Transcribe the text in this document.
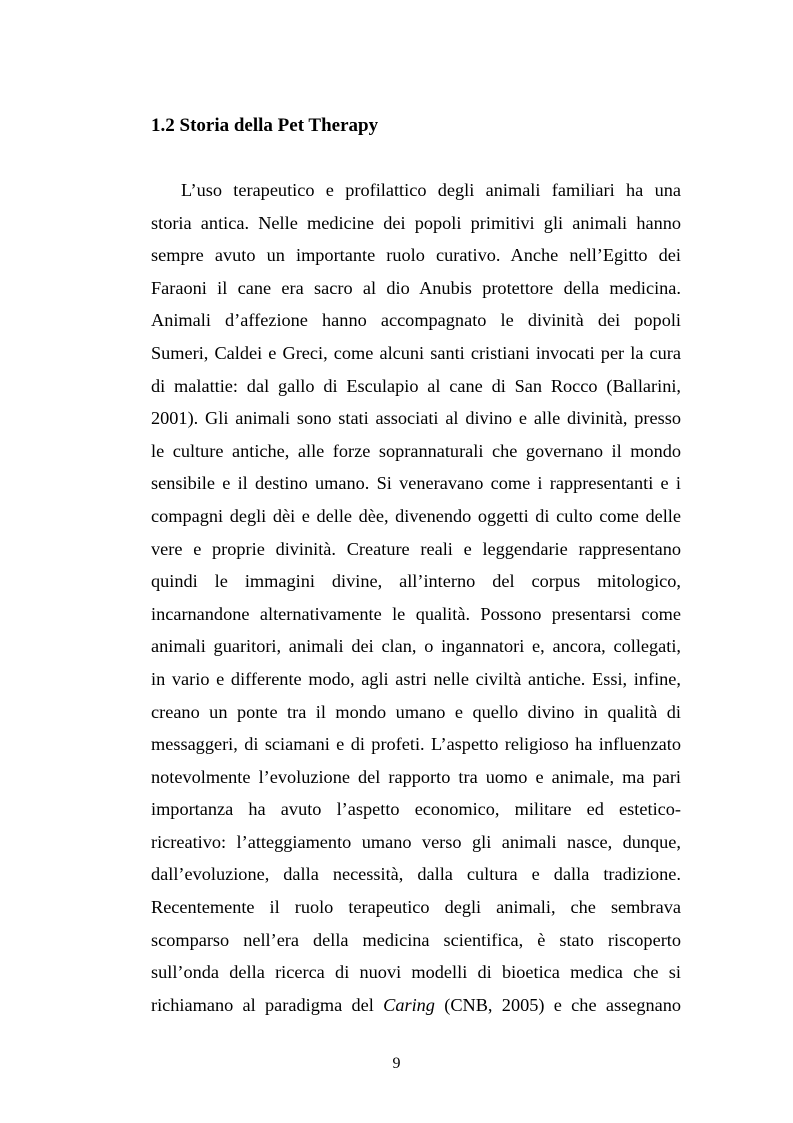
1.2 Storia della Pet Therapy
L’uso terapeutico e profilattico degli animali familiari ha una
storia antica. Nelle medicine dei popoli primitivi gli animali hanno
sempre avuto un importante ruolo curativo. Anche nell’Egitto dei
Faraoni il cane era sacro al dio Anubis protettore della medicina.
Animali d’affezione hanno accompagnato le divinità dei popoli
Sumeri, Caldei e Greci, come alcuni santi cristiani invocati per la cura
di malattie: dal gallo di Esculapio al cane di San Rocco (Ballarini,
2001). Gli animali sono stati associati al divino e alle divinità, presso
le culture antiche, alle forze soprannaturali che governano il mondo
sensibile e il destino umano. Si veneravano come i rappresentanti e i
compagni degli dèi e delle dèe, divenendo oggetti di culto come delle
vere e proprie divinità. Creature reali e leggendarie rappresentano
quindi le immagini divine, all’interno del corpus mitologico,
incarnandone alternativamente le qualità. Possono presentarsi come
animali guaritori, animali dei clan, o ingannatori e, ancora, collegati,
in vario e differente modo, agli astri nelle civiltà antiche. Essi, infine,
creano un ponte tra il mondo umano e quello divino in qualità di
messaggeri, di sciamani e di profeti. L’aspetto religioso ha influenzato
notevolmente l’evoluzione del rapporto tra uomo e animale, ma pari
importanza ha avuto l’aspetto economico, militare ed estetico-
ricreativo: l’atteggiamento umano verso gli animali nasce, dunque,
dall’evoluzione, dalla necessità, dalla cultura e dalla tradizione.
Recentemente il ruolo terapeutico degli animali, che sembrava
scomparso nell’era della medicina scientifica, è stato riscoperto
sull’onda della ricerca di nuovi modelli di bioetica medica che si
richiamano al paradigma del Caring (CNB, 2005) e che assegnano
9
